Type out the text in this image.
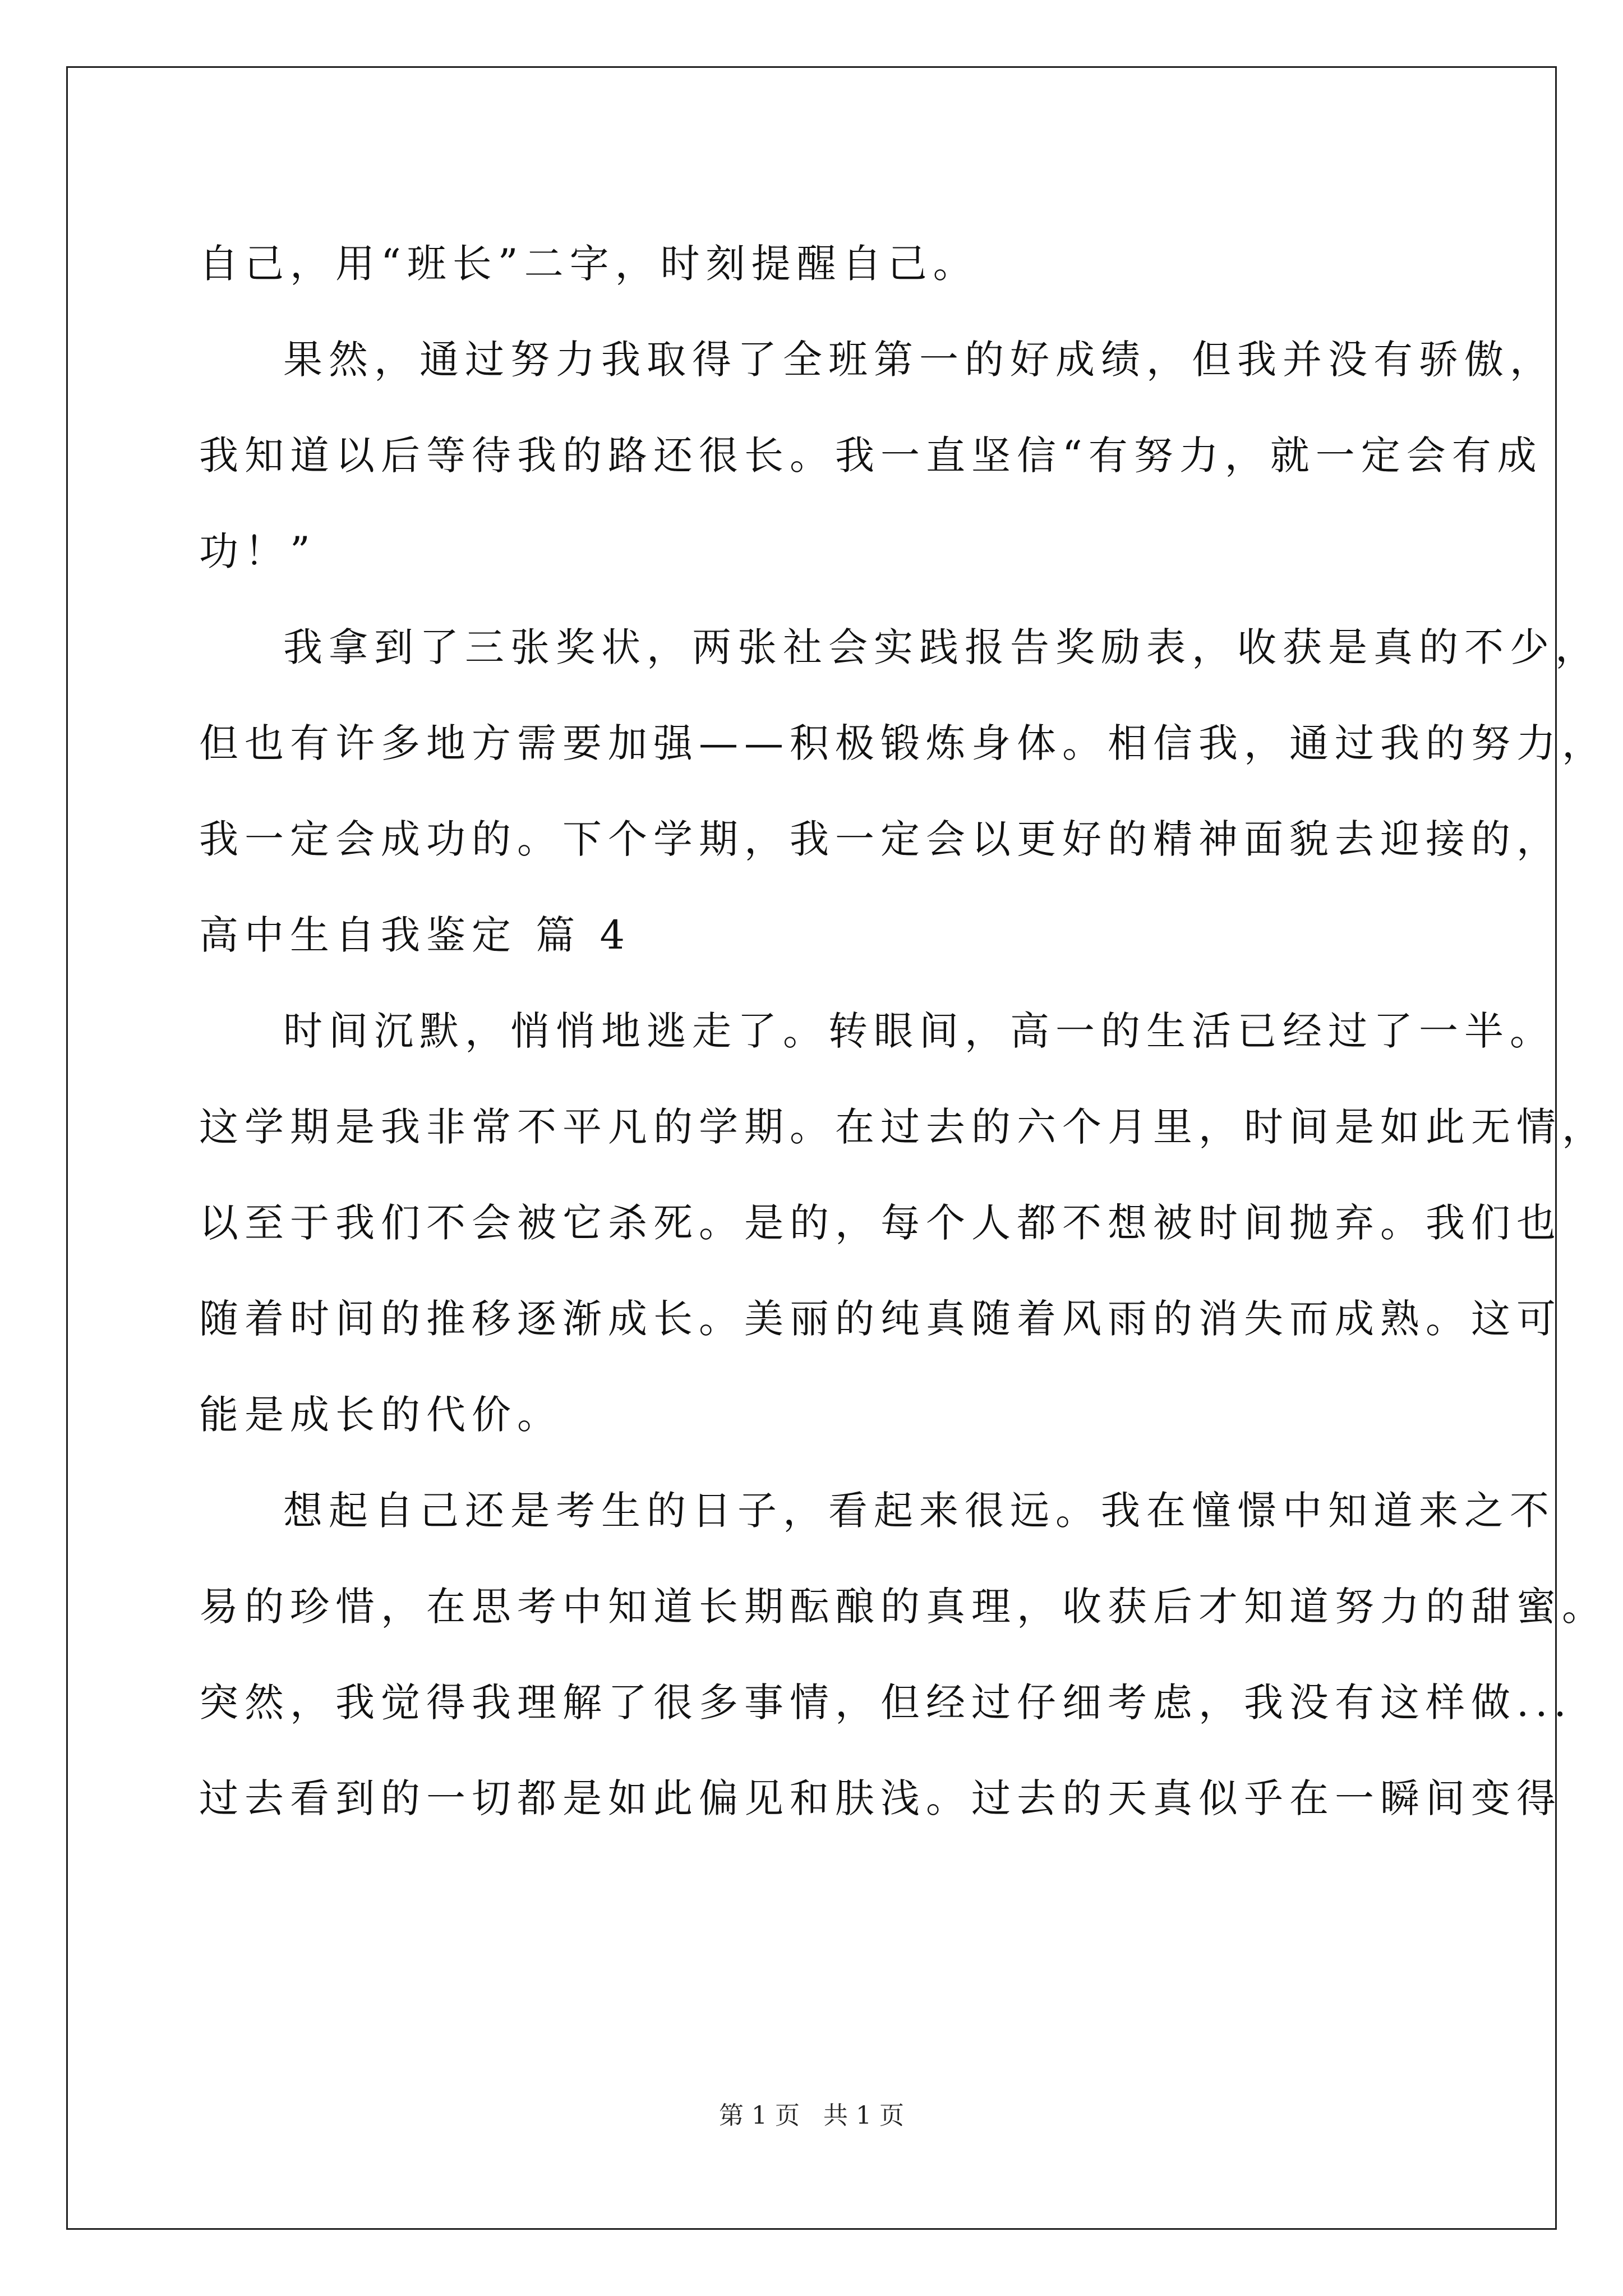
自己，用“班长”二字，时刻提醒自己。
果然，通过努力我取得了全班第一的好成绩，但我并没有骄傲，
我知道以后等待我的路还很长。我一直坚信“有努力，就一定会有成
功！”
我拿到了三张奖状，两张社会实践报告奖励表，收获是真的不少，
但也有许多地方需要加强——积极锻炼身体。相信我，通过我的努力，
我一定会成功的。下个学期，我一定会以更好的精神面貌去迎接的，
高中生自我鉴定 篇 4
时间沉默，悄悄地逃走了。转眼间，高一的生活已经过了一半。
这学期是我非常不平凡的学期。在过去的六个月里，时间是如此无情，
以至于我们不会被它杀死。是的，每个人都不想被时间抛弃。我们也
随着时间的推移逐渐成长。美丽的纯真随着风雨的消失而成熟。这可
能是成长的代价。
想起自己还是考生的日子，看起来很远。我在憧憬中知道来之不
易的珍惜，在思考中知道长期酝酿的真理，收获后才知道努力的甜蜜。
突然，我觉得我理解了很多事情，但经过仔细考虑，我没有这样做...
过去看到的一切都是如此偏见和肤浅。过去的天真似乎在一瞬间变得
第 1 页   共 1 页
